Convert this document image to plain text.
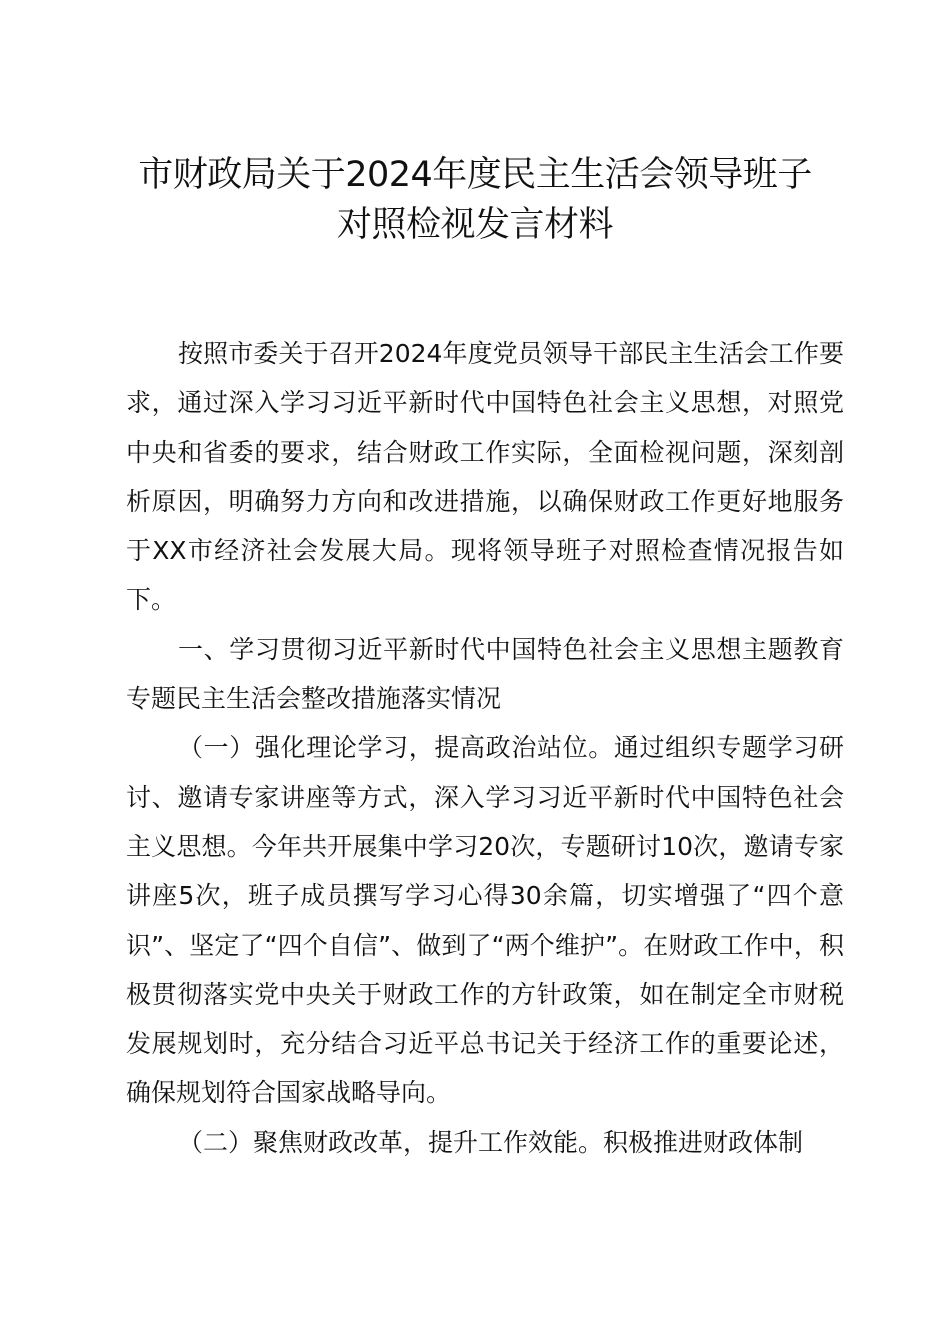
市财政局关于2024年度民主生活会领导班子
对照检视发言材料

按照市委关于召开2024年度党员领导干部民主生活会工作要求，通过深入学习习近平新时代中国特色社会主义思想，对照党中央和省委的要求，结合财政工作实际，全面检视问题，深刻剖析原因，明确努力方向和改进措施，以确保财政工作更好地服务于XX市经济社会发展大局。现将领导班子对照检查情况报告如下。

一、学习贯彻习近平新时代中国特色社会主义思想主题教育专题民主生活会整改措施落实情况

（一）强化理论学习，提高政治站位。通过组织专题学习研讨、邀请专家讲座等方式，深入学习习近平新时代中国特色社会主义思想。今年共开展集中学习20次，专题研讨10次，邀请专家讲座5次，班子成员撰写学习心得30余篇，切实增强了“四个意识”、坚定了“四个自信”、做到了“两个维护”。在财政工作中，积极贯彻落实党中央关于财政工作的方针政策，如在制定全市财税发展规划时，充分结合习近平总书记关于经济工作的重要论述，确保规划符合国家战略导向。

（二）聚焦财政改革，提升工作效能。积极推进财政体制
